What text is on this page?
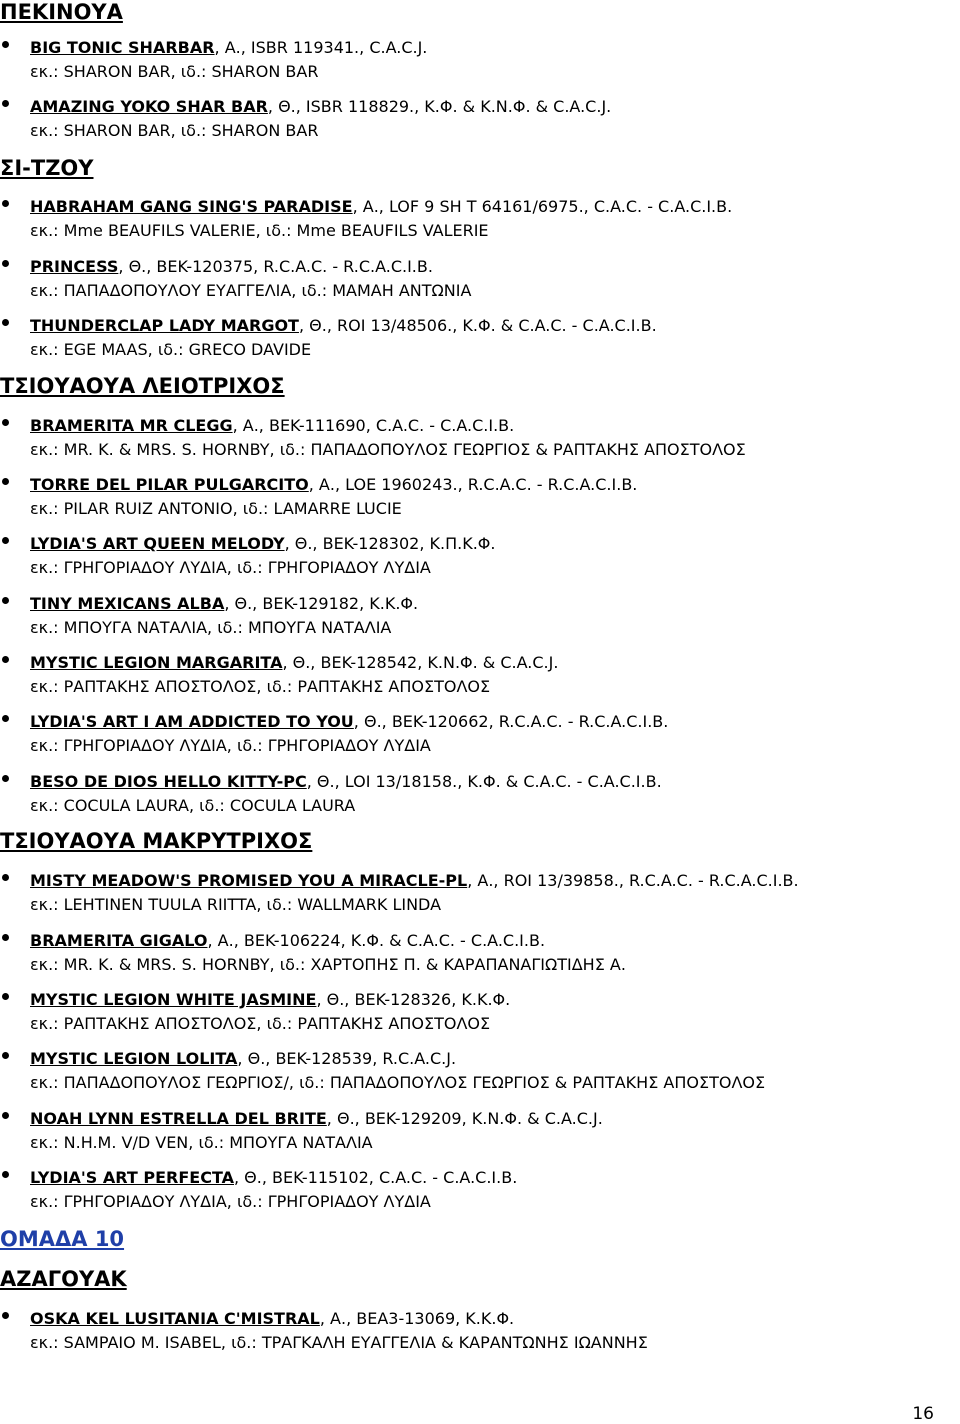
ΠΕΚΙΝΟΥΑ
BIG TONIC SHARBAR, Α., ISBR 119341., C.A.C.J.
εκ.: SHARON BAR, ιδ.: SHARON BAR
AMAZING YOKO SHAR BAR, Θ., ISBR 118829., Κ.Φ. & Κ.Ν.Φ. & C.A.C.J.
εκ.: SHARON BAR, ιδ.: SHARON BAR
ΣΙ-ΤΖΟΥ
HABRAHAM GANG SING'S PARADISE, Α., LOF 9 SH T 64161/6975., C.A.C. - C.A.C.I.B.
εκ.: Mme BEAUFILS VALERIE, ιδ.: Mme BEAUFILS VALERIE
PRINCESS, Θ., BEK-120375, R.C.A.C. - R.C.A.C.I.B.
εκ.: ΠΑΠΑΔΟΠΟΥΛΟΥ ΕΥΑΓΓΕΛΙΑ, ιδ.: ΜΑΜΑΗ ΑΝΤΩΝΙΑ
THUNDERCLAP LADY MARGOT, Θ., ROI 13/48506., Κ.Φ. & C.A.C. - C.A.C.I.B.
εκ.: EGE MAAS, ιδ.: GRECO DAVIDE
ΤΣΙΟΥΑΟΥΑ ΛΕΙΟΤΡΙΧΟΣ
BRAMERITA MR CLEGG, Α., BEK-111690, C.A.C. - C.A.C.I.B.
εκ.: MR. K. & MRS. S. HORNBY, ιδ.: ΠΑΠΑΔΟΠΟΥΛΟΣ ΓΕΩΡΓΙΟΣ & ΡΑΠΤΑΚΗΣ ΑΠΟΣΤΟΛΟΣ
TORRE DEL PILAR PULGARCITO, Α., LOE 1960243., R.C.A.C. - R.C.A.C.I.B.
εκ.: PILAR RUIZ ANTONIO, ιδ.: LAMARRE LUCIE
LYDIA'S ART QUEEN MELODY, Θ., BEK-128302, Κ.Π.Κ.Φ.
εκ.: ΓΡΗΓΟΡΙΑΔΟΥ ΛΥΔΙΑ, ιδ.: ΓΡΗΓΟΡΙΑΔΟΥ ΛΥΔΙΑ
TINY MEXICANS ALBA, Θ., BEK-129182, Κ.Κ.Φ.
εκ.: ΜΠΟΥΓΑ ΝΑΤΑΛΙΑ, ιδ.: ΜΠΟΥΓΑ ΝΑΤΑΛΙΑ
MYSTIC LEGION MARGARITA, Θ., BEK-128542, Κ.Ν.Φ. & C.A.C.J.
εκ.: ΡΑΠΤΑΚΗΣ ΑΠΟΣΤΟΛΟΣ, ιδ.: ΡΑΠΤΑΚΗΣ ΑΠΟΣΤΟΛΟΣ
LYDIA'S ART I AM ADDICTED TO YOU, Θ., BEK-120662, R.C.A.C. - R.C.A.C.I.B.
εκ.: ΓΡΗΓΟΡΙΑΔΟΥ ΛΥΔΙΑ, ιδ.: ΓΡΗΓΟΡΙΑΔΟΥ ΛΥΔΙΑ
BESO DE DIOS HELLO KITTY-PC, Θ., LOI 13/18158., Κ.Φ. & C.A.C. - C.A.C.I.B.
εκ.: COCULA LAURA, ιδ.: COCULA LAURA
ΤΣΙΟΥΑΟΥΑ ΜΑΚΡΥΤΡΙΧΟΣ
MISTY MEADOW'S PROMISED YOU A MIRACLE-PL, Α., ROI 13/39858., R.C.A.C. - R.C.A.C.I.B.
εκ.: LEHTINEN TUULA RIITTA, ιδ.: WALLMARK LINDA
BRAMERITA GIGALO, Α., BEK-106224, Κ.Φ. & C.A.C. - C.A.C.I.B.
εκ.: MR. K. & MRS. S. HORNBY, ιδ.: ΧΑΡΤΟΠΗΣ Π. & ΚΑΡΑΠΑΝΑΓΙΩΤΙΔΗΣ Α.
MYSTIC LEGION WHITE JASMINE, Θ., BEK-128326, Κ.Κ.Φ.
εκ.: ΡΑΠΤΑΚΗΣ ΑΠΟΣΤΟΛΟΣ, ιδ.: ΡΑΠΤΑΚΗΣ ΑΠΟΣΤΟΛΟΣ
MYSTIC LEGION LOLITA, Θ., BEK-128539, R.C.A.C.J.
εκ.: ΠΑΠΑΔΟΠΟΥΛΟΣ ΓΕΩΡΓΙΟΣ/, ιδ.: ΠΑΠΑΔΟΠΟΥΛΟΣ ΓΕΩΡΓΙΟΣ & ΡΑΠΤΑΚΗΣ ΑΠΟΣΤΟΛΟΣ
NOAH LYNN ESTRELLA DEL BRITE, Θ., BEK-129209, Κ.Ν.Φ. & C.A.C.J.
εκ.: N.H.M. V/D VEN, ιδ.: ΜΠΟΥΓΑ ΝΑΤΑΛΙΑ
LYDIA'S ART PERFECTA, Θ., BEK-115102, C.A.C. - C.A.C.I.B.
εκ.: ΓΡΗΓΟΡΙΑΔΟΥ ΛΥΔΙΑ, ιδ.: ΓΡΗΓΟΡΙΑΔΟΥ ΛΥΔΙΑ
ΟΜΑΔΑ 10
ΑΖΑΓΟΥΑΚ
OSKA KEL LUSITANIA C'MISTRAL, Α., BEA3-13069, Κ.Κ.Φ.
εκ.: SAMPAIO M. ISABEL, ιδ.: ΤΡΑΓΚΑΛΗ ΕΥΑΓΓΕΛΙΑ & ΚΑΡΑΝΤΩΝΗΣ ΙΩΑΝΝΗΣ
16
